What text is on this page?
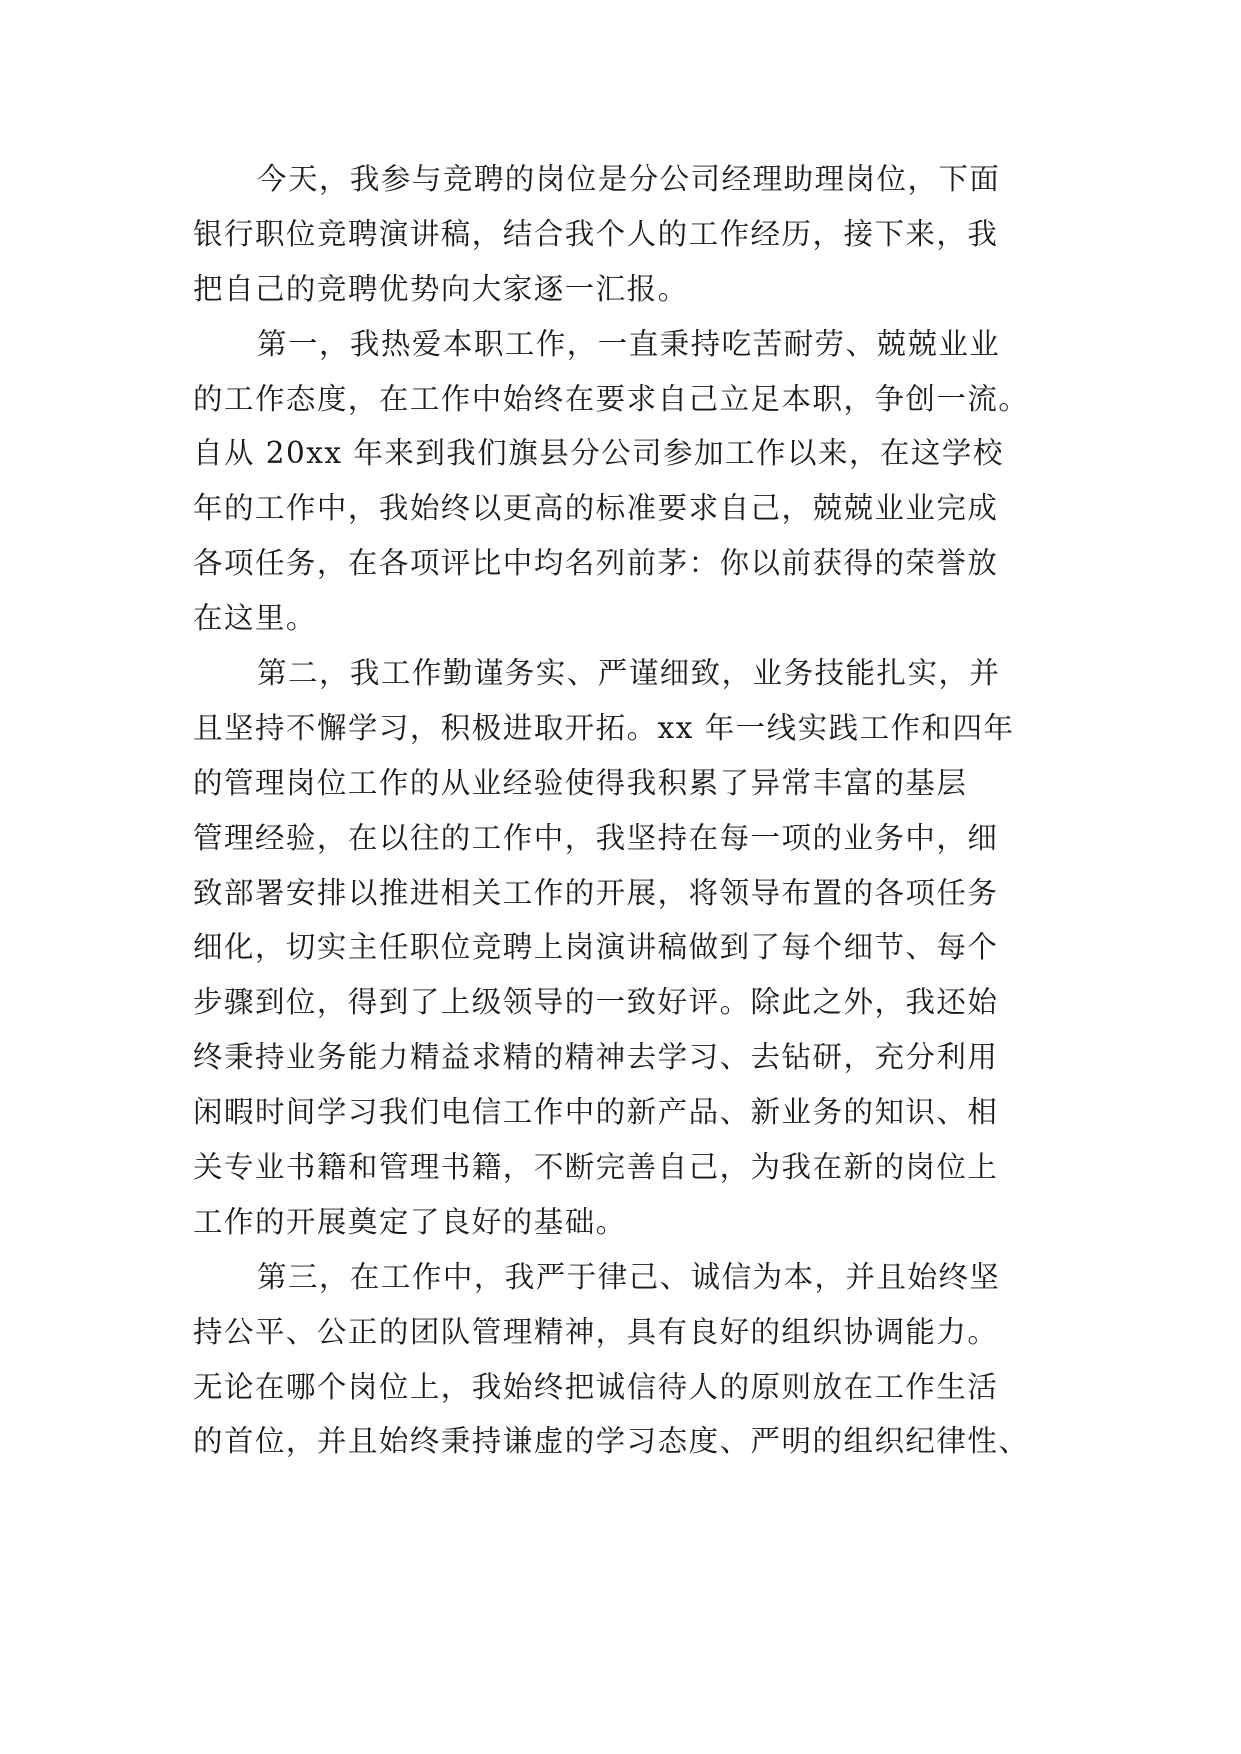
今天，我参与竞聘的岗位是分公司经理助理岗位，下面
银行职位竞聘演讲稿，结合我个人的工作经历，接下来，我
把自己的竞聘优势向大家逐一汇报。
第一，我热爱本职工作，一直秉持吃苦耐劳、兢兢业业
的工作态度，在工作中始终在要求自己立足本职，争创一流。
自从 20xx 年来到我们旗县分公司参加工作以来，在这学校
年的工作中，我始终以更高的标准要求自己，兢兢业业完成
各项任务，在各项评比中均名列前茅：你以前获得的荣誉放
在这里。
第二，我工作勤谨务实、严谨细致，业务技能扎实，并
且坚持不懈学习，积极进取开拓。xx 年一线实践工作和四年
的管理岗位工作的从业经验使得我积累了异常丰富的基层
管理经验，在以往的工作中，我坚持在每一项的业务中，细
致部署安排以推进相关工作的开展，将领导布置的各项任务
细化，切实主任职位竞聘上岗演讲稿做到了每个细节、每个
步骤到位，得到了上级领导的一致好评。除此之外，我还始
终秉持业务能力精益求精的精神去学习、去钻研，充分利用
闲暇时间学习我们电信工作中的新产品、新业务的知识、相
关专业书籍和管理书籍，不断完善自己，为我在新的岗位上
工作的开展奠定了良好的基础。
第三，在工作中，我严于律己、诚信为本，并且始终坚
持公平、公正的团队管理精神，具有良好的组织协调能力。
无论在哪个岗位上，我始终把诚信待人的原则放在工作生活
的首位，并且始终秉持谦虚的学习态度、严明的组织纪律性、
